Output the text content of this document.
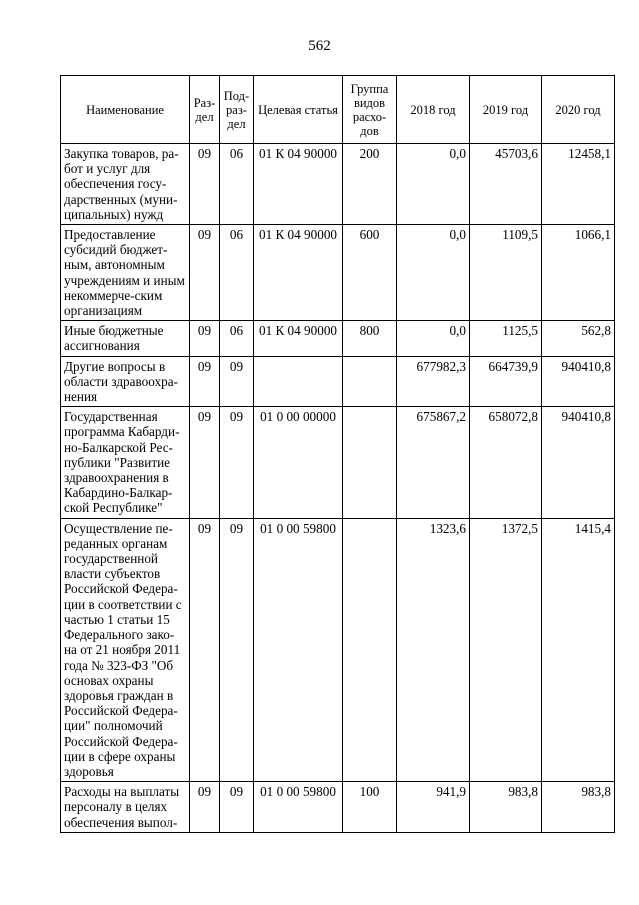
562
Наименование	Раз-дел	Под-раз-дел	Целевая статья	Группа видов расхо-дов	2018 год	2019 год	2020 год
Закупка товаров, ра-бот и услуг для обеспечения госу-дарственных (муни-ципальных) нужд	09	06	01 К 04 90000	200	0,0	45703,6	12458,1
Предоставление субсидий бюджет-ным, автономным учреждениям и иным некоммерче-ским организациям	09	06	01 К 04 90000	600	0,0	1109,5	1066,1
Иные бюджетные ассигнования	09	06	01 К 04 90000	800	0,0	1125,5	562,8
Другие вопросы в области здравоохра-нения	09	09			677982,3	664739,9	940410,8
Государственная программа Кабарди-но-Балкарской Рес-публики "Развитие здравоохранения в Кабардино-Балкар-ской Республике"	09	09	01 0 00 00000		675867,2	658072,8	940410,8
Осуществление пе-реданных органам государственной власти субъектов Российской Федера-ции в соответствии с частью 1 статьи 15 Федерального зако-на от 21 ноября 2011 года № 323-ФЗ "Об основах охраны здоровья граждан в Российской Федера-ции" полномочий Российской Федера-ции в сфере охраны здоровья	09	09	01 0 00 59800		1323,6	1372,5	1415,4
Расходы на выплаты персоналу в целях обеспечения выпол-	09	09	01 0 00 59800	100	941,9	983,8	983,8
